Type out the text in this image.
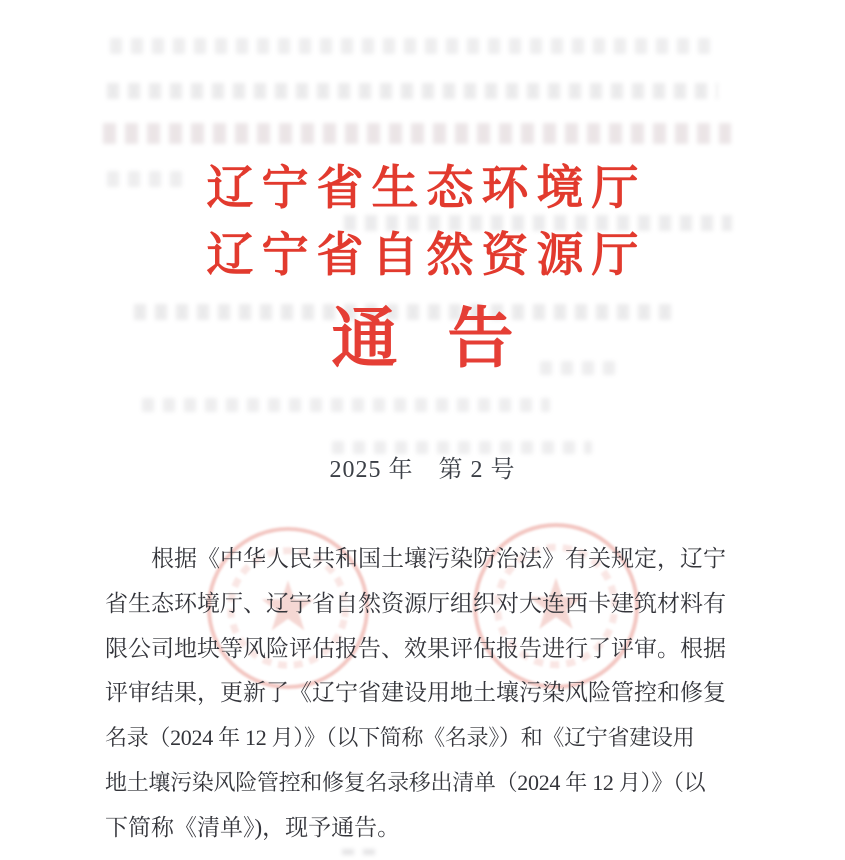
辽宁省生态环境厅
辽宁省自然资源厅
通告
2025 年　第 2 号

根据《中华人民共和国土壤污染防治法》有关规定，辽宁

省生态环境厅、辽宁省自然资源厅组织对大连西卡建筑材料有

限公司地块等风险评估报告、效果评估报告进行了评审。根据

评审结果，更新了《辽宁省建设用地土壤污染风险管控和修复

名录（2024 年 12 月）》（以下简称《名录》）和《辽宁省建设用

地土壤污染风险管控和修复名录移出清单（2024 年 12 月）》（以

下简称《清单》)，现予通告。
